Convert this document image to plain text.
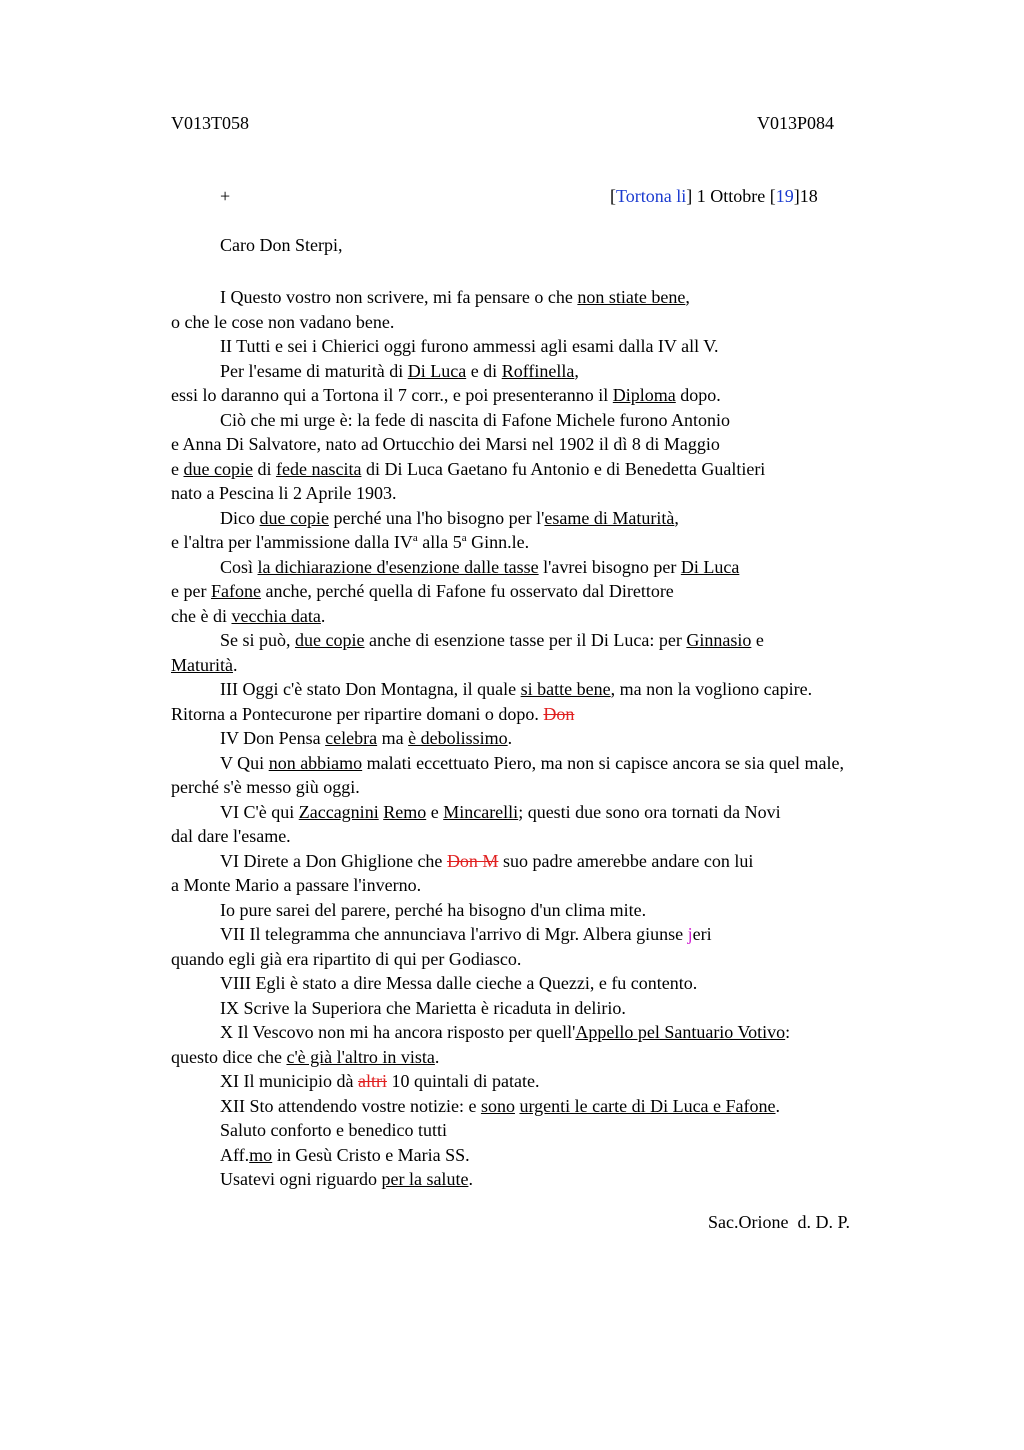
V013T058	V013P084
+	[Tortona li] 1 Ottobre [19]18
Caro Don Sterpi,
I Questo vostro non scrivere, mi fa pensare o che non stiate bene,
o che le cose non vadano bene.
II Tutti e sei i Chierici oggi furono ammessi agli esami dalla IV all V.
Per l'esame di maturità di Di Luca e di Roffinella,
essi lo daranno qui a Tortona il 7 corr., e poi presenteranno il Diploma dopo.
Ciò che mi urge è: la fede di nascita di Fafone Michele furono Antonio
e Anna Di Salvatore, nato ad Ortucchio dei Marsi nel 1902 il dì 8 di Maggio
e due copie di fede nascita di Di Luca Gaetano fu Antonio e di Benedetta Gualtieri
nato a Pescina li 2 Aprile 1903.
Dico due copie perché una l'ho bisogno per l'esame di Maturità,
e l'altra per l'ammissione dalla $IV^a$ alla 5$^a$ Ginn.le.
Così la dichiarazione d'esenzione dalle tasse l'avrei bisogno per Di Luca
e per Fafone anche, perché quella di Fafone fu osservato dal Direttore
che è di vecchia data.
Se si può, due copie anche di esenzione tasse per il Di Luca: per Ginnasio e
Maturità.
III Oggi c'è stato Don Montagna, il quale si batte bene, ma non la vogliono capire.
Ritorna a Pontecurone per ripartire domani o dopo. Don
IV Don Pensa celebra ma è debolissimo.
V Qui non abbiamo malati eccettuato Piero, ma non si capisce ancora se sia quel male,
perché s'è messo giù oggi.
VI C'è qui Zaccagnini Remo e Mincarelli; questi due sono ora tornati da Novi
dal dare l'esame.
VI Direte a Don Ghiglione che Don M suo padre amerebbe andare con lui
a Monte Mario a passare l'inverno.
Io pure sarei del parere, perché ha bisogno d'un clima mite.
VII Il telegramma che annunciava l'arrivo di Mgr. Albera giunse jeri
quando egli già era ripartito di qui per Godiasco.
VIII Egli è stato a dire Messa dalle cieche a Quezzi, e fu contento.
IX Scrive la Superiora che Marietta è ricaduta in delirio.
X Il Vescovo non mi ha ancora risposto per quell'Appello pel Santuario Votivo:
questo dice che c'è già l'altro in vista.
XI Il municipio dà altri 10 quintali di patate.
XII Sto attendendo vostre notizie: e sono urgenti le carte di Di Luca e Fafone.
Saluto conforto e benedico tutti
Aff.mo in Gesù Cristo e Maria SS.
Usatevi ogni riguardo per la salute.
Sac.Orione  d. D. P.
